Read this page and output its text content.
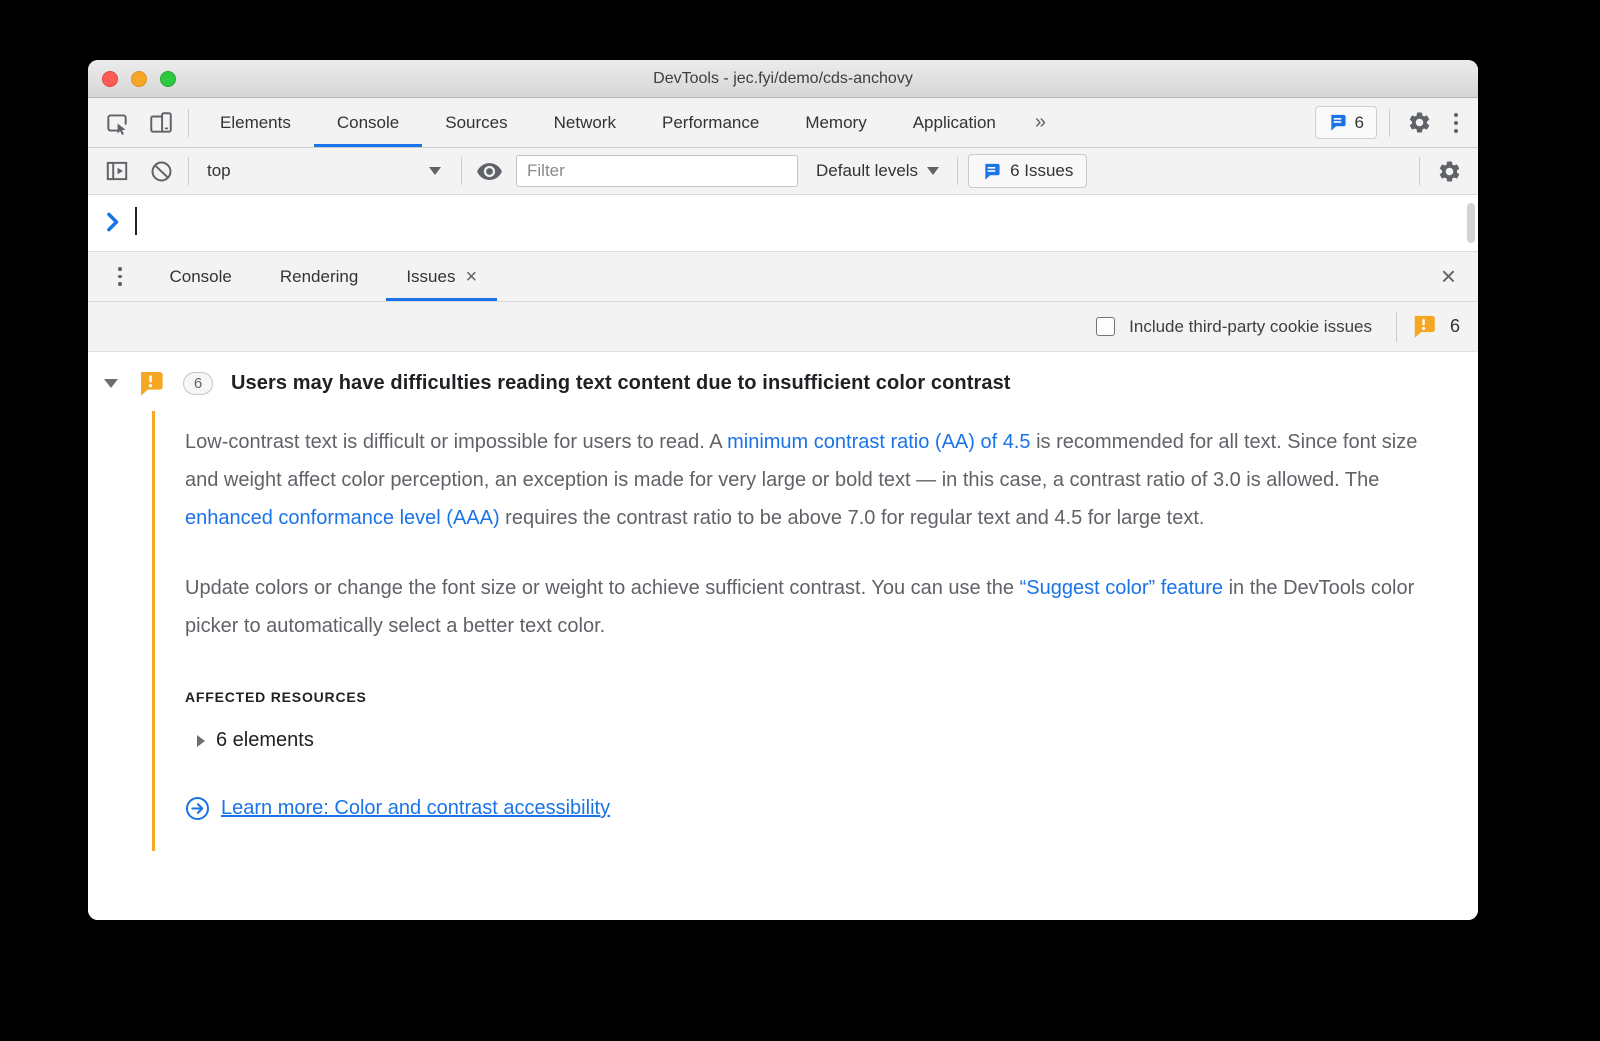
DevTools - jec.fyi/demo/cds-anchovy
Elements	Console	Sources	Network	Performance	Memory	Application »	6
top
Filter	Default levels	6 Issues
Console	Rendering	Issues ×	×
Include third-party cookie issues	6
6	Users may have difficulties reading text content due to insufficient color contrast

Low-contrast text is difficult or impossible for users to read. A minimum contrast ratio (AA) of 4.5 is recommended for all text. Since font size and weight affect color perception, an exception is made for very large or bold text — in this case, a contrast ratio of 3.0 is allowed. The enhanced conformance level (AAA) requires the contrast ratio to be above 7.0 for regular text and 4.5 for large text.

Update colors or change the font size or weight to achieve sufficient contrast. You can use the “Suggest color” feature in the DevTools color picker to automatically select a better text color.

AFFECTED RESOURCES
6 elements
Learn more: Color and contrast accessibility
